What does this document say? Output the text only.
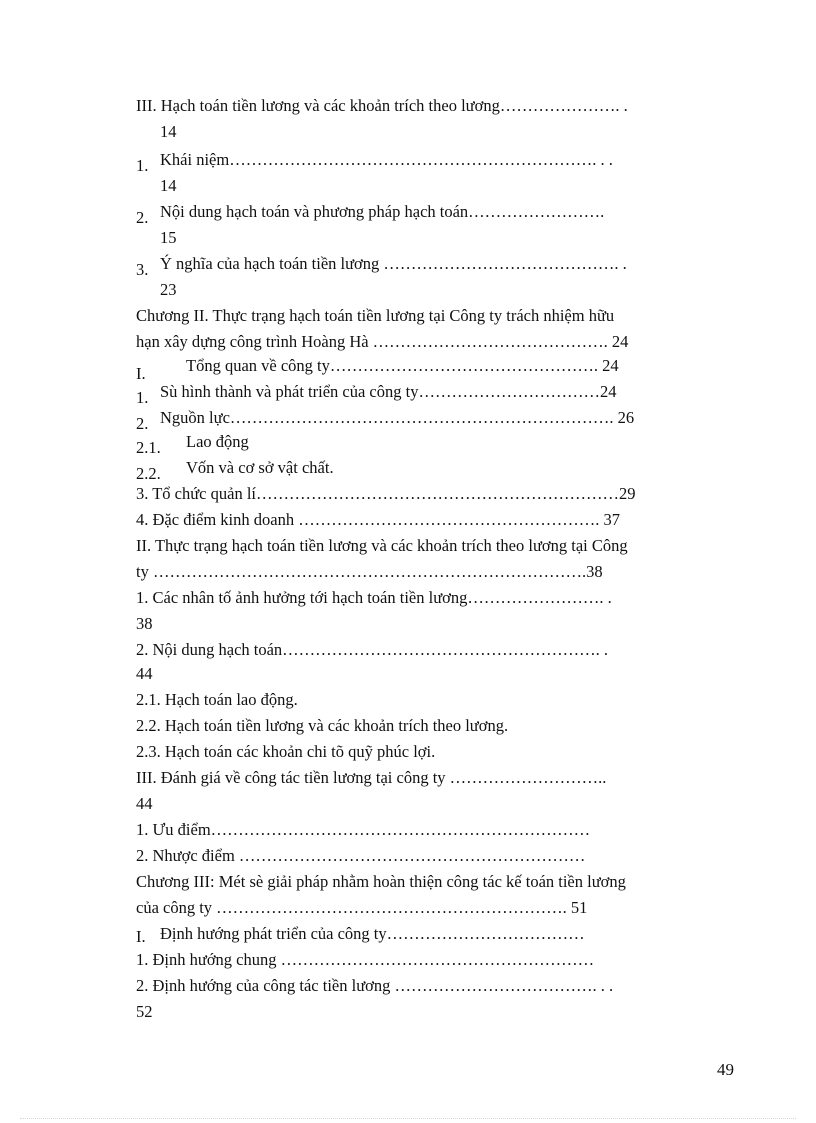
III. Hạch toán tiền lương và các khoản trích theo lương…………………. .
14
1. Khái niệm…………………………………………………………. . .
14
2. Nội dung hạch toán và phương pháp hạch toán…………………….
15
3. Ý nghĩa của hạch toán tiền lương ……………………………………. .
23
Chương II. Thực trạng hạch toán tiền lương tại Công ty trách nhiệm hữu
hạn xây dựng công trình Hoàng Hà ……………………………………. 24
I. Tổng quan về công ty…………………………………………. 24
1. Sù hình thành và phát triển của công ty……………………………24
2. Nguồn lực……………………………………………………………. 26
2.1. Lao động
2.2. Vốn và cơ sở vật chất.
3. Tổ chức quản lí…………………………………………………………29
4. Đặc điểm kinh doanh ………………………………………………. 37
II. Thực trạng hạch toán tiền lương và các khoản trích theo lương tại Công
ty …………………………………………………………………….38
1. Các nhân tố ảnh hưởng tới hạch toán tiền lương……………………. .
38
2. Nội dung hạch toán…………………………………………………. .
44
2.1. Hạch toán lao động.
2.2. Hạch toán tiền lương và các khoản trích theo lương.
2.3. Hạch toán các khoản chi tõ quỹ phúc lợi.
III. Đánh giá về công tác tiền lương tại công ty ………………………..
44
1. Ưu điểm……………………………………………………………
2. Nhược điểm ………………………………………………………
Chương III: Mét sè giải pháp nhằm hoàn thiện công tác kế toán tiền lương
của công ty ………………………………………………………. 51
I. Định hướng phát triển của công ty………………………………
1. Định hướng chung …………………………………………………
2. Định hướng của công tác tiền lương ………………………………. . .
52
49
